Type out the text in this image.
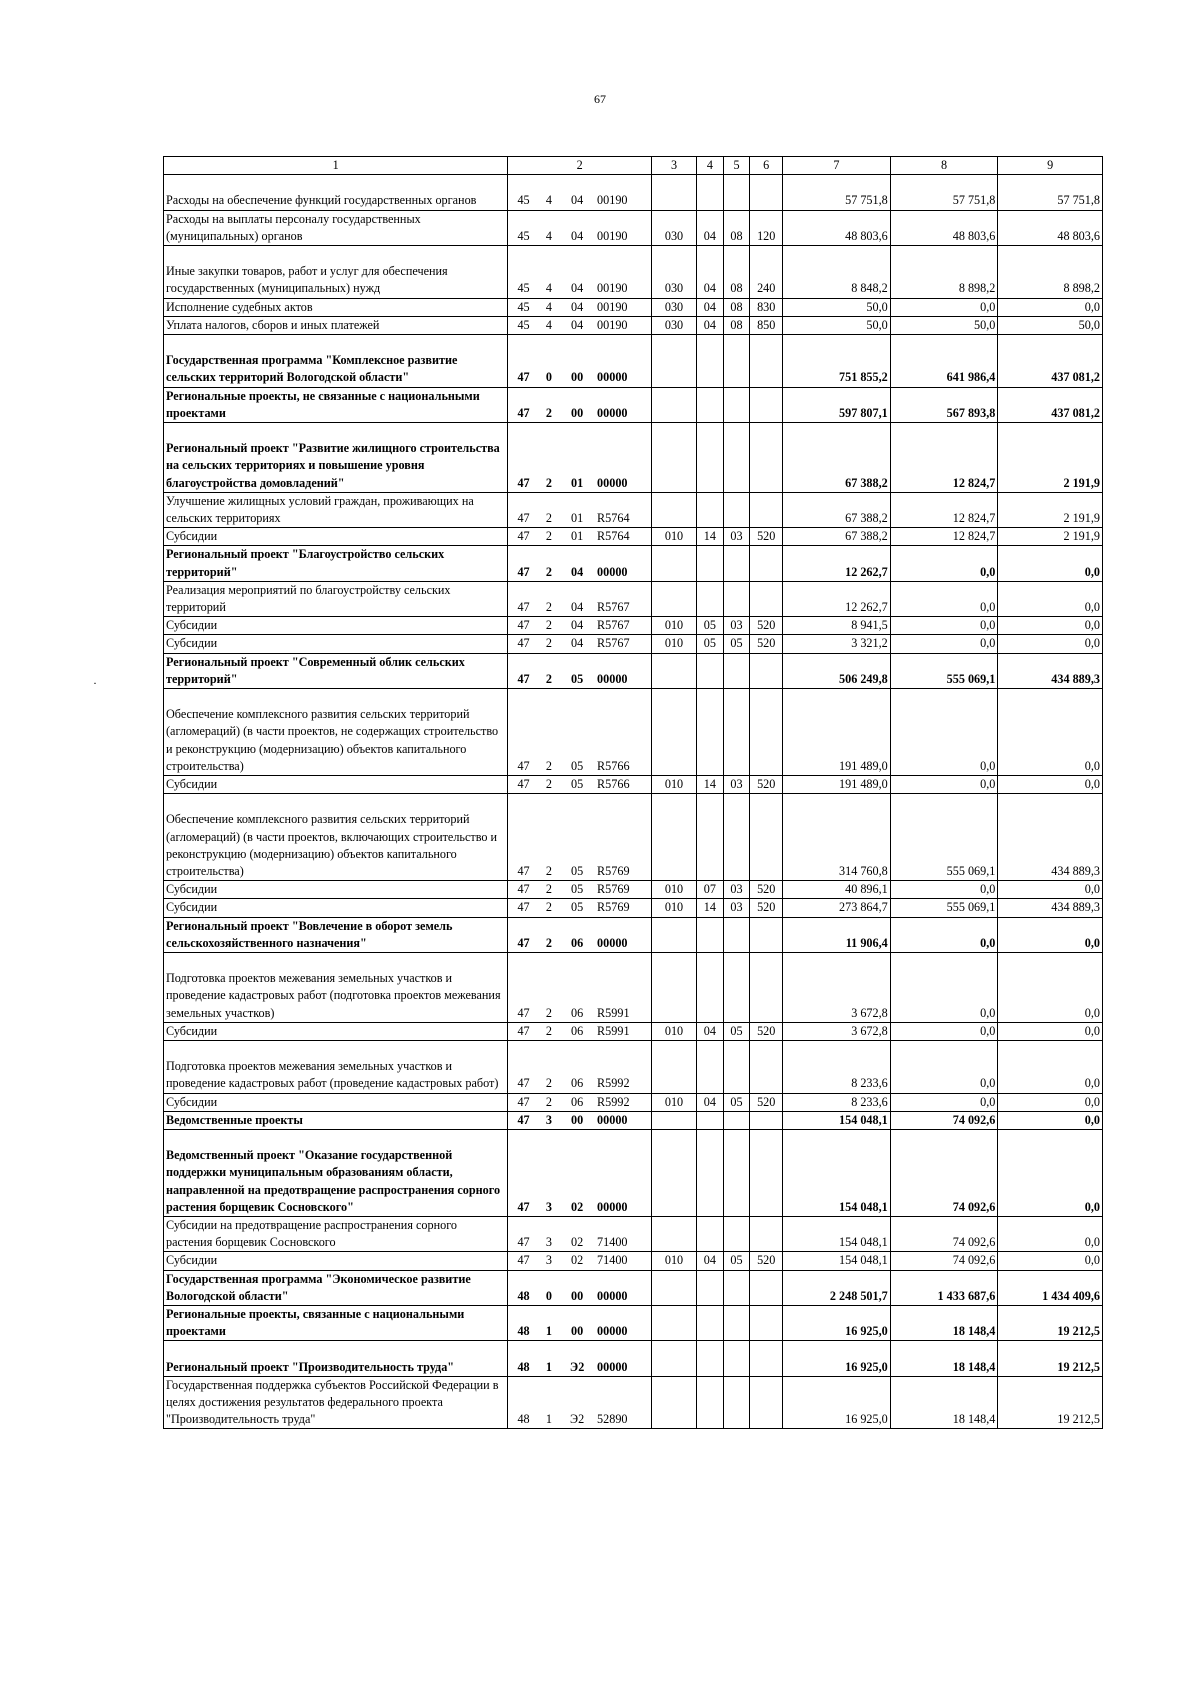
67
1	2				3	4	5	6	7	8	9
Расходы на обеспечение функций государственных органов	45	4	04	00190					57 751,8	57 751,8	57 751,8
Расходы на выплаты персоналу государственных (муниципальных) органов	45	4	04	00190	030	04	08	120	48 803,6	48 803,6	48 803,6
Иные закупки товаров, работ и услуг для обеспечения государственных (муниципальных) нужд	45	4	04	00190	030	04	08	240	8 848,2	8 898,2	8 898,2
Исполнение судебных актов	45	4	04	00190	030	04	08	830	50,0	0,0	0,0
Уплата налогов, сборов и иных платежей	45	4	04	00190	030	04	08	850	50,0	50,0	50,0
Государственная программа "Комплексное развитие сельских территорий Вологодской области"	47	0	00	00000					751 855,2	641 986,4	437 081,2
Региональные проекты, не связанные с национальными проектами	47	2	00	00000					597 807,1	567 893,8	437 081,2
Региональный проект "Развитие жилищного строительства на сельских территориях и повышение уровня благоустройства домовладений"	47	2	01	00000					67 388,2	12 824,7	2 191,9
Улучшение жилищных условий граждан, проживающих на сельских территориях	47	2	01	R5764					67 388,2	12 824,7	2 191,9
Субсидии	47	2	01	R5764	010	14	03	520	67 388,2	12 824,7	2 191,9
Региональный проект "Благоустройство сельских территорий"	47	2	04	00000					12 262,7	0,0	0,0
Реализация мероприятий по благоустройству сельских территорий	47	2	04	R5767					12 262,7	0,0	0,0
Субсидии	47	2	04	R5767	010	05	03	520	8 941,5	0,0	0,0
Субсидии	47	2	04	R5767	010	05	05	520	3 321,2	0,0	0,0
Региональный проект "Современный облик сельских территорий"	47	2	05	00000					506 249,8	555 069,1	434 889,3
Обеспечение комплексного развития сельских территорий (агломераций) (в части проектов, не содержащих строительство и реконструкцию (модернизацию) объектов капитального строительства)	47	2	05	R5766					191 489,0	0,0	0,0
Субсидии	47	2	05	R5766	010	14	03	520	191 489,0	0,0	0,0
Обеспечение комплексного развития сельских территорий (агломераций) (в части проектов, включающих строительство и реконструкцию (модернизацию) объектов капитального строительства)	47	2	05	R5769					314 760,8	555 069,1	434 889,3
Субсидии	47	2	05	R5769	010	07	03	520	40 896,1	0,0	0,0
Субсидии	47	2	05	R5769	010	14	03	520	273 864,7	555 069,1	434 889,3
Региональный проект "Вовлечение в оборот земель сельскохозяйственного назначения"	47	2	06	00000					11 906,4	0,0	0,0
Подготовка проектов межевания земельных участков и проведение кадастровых работ (подготовка проектов межевания земельных участков)	47	2	06	R5991					3 672,8	0,0	0,0
Субсидии	47	2	06	R5991	010	04	05	520	3 672,8	0,0	0,0
Подготовка проектов межевания земельных участков и проведение кадастровых работ (проведение кадастровых работ)	47	2	06	R5992					8 233,6	0,0	0,0
Субсидии	47	2	06	R5992	010	04	05	520	8 233,6	0,0	0,0
Ведомственные проекты	47	3	00	00000					154 048,1	74 092,6	0,0
Ведомственный проект "Оказание государственной поддержки муниципальным образованиям области, направленной на предотвращение распространения сорного растения борщевик Сосновского"	47	3	02	00000					154 048,1	74 092,6	0,0
Субсидии на предотвращение распространения сорного растения борщевик Сосновского	47	3	02	71400					154 048,1	74 092,6	0,0
Субсидии	47	3	02	71400	010	04	05	520	154 048,1	74 092,6	0,0
Государственная программа "Экономическое развитие Вологодской области"	48	0	00	00000					2 248 501,7	1 433 687,6	1 434 409,6
Региональные проекты, связанные с национальными проектами	48	1	00	00000					16 925,0	18 148,4	19 212,5
Региональный проект "Производительность труда"	48	1	Э2	00000					16 925,0	18 148,4	19 212,5
Государственная поддержка субъектов Российской Федерации в целях достижения результатов федерального проекта "Производительность труда"	48	1	Э2	52890					16 925,0	18 148,4	19 212,5
·
